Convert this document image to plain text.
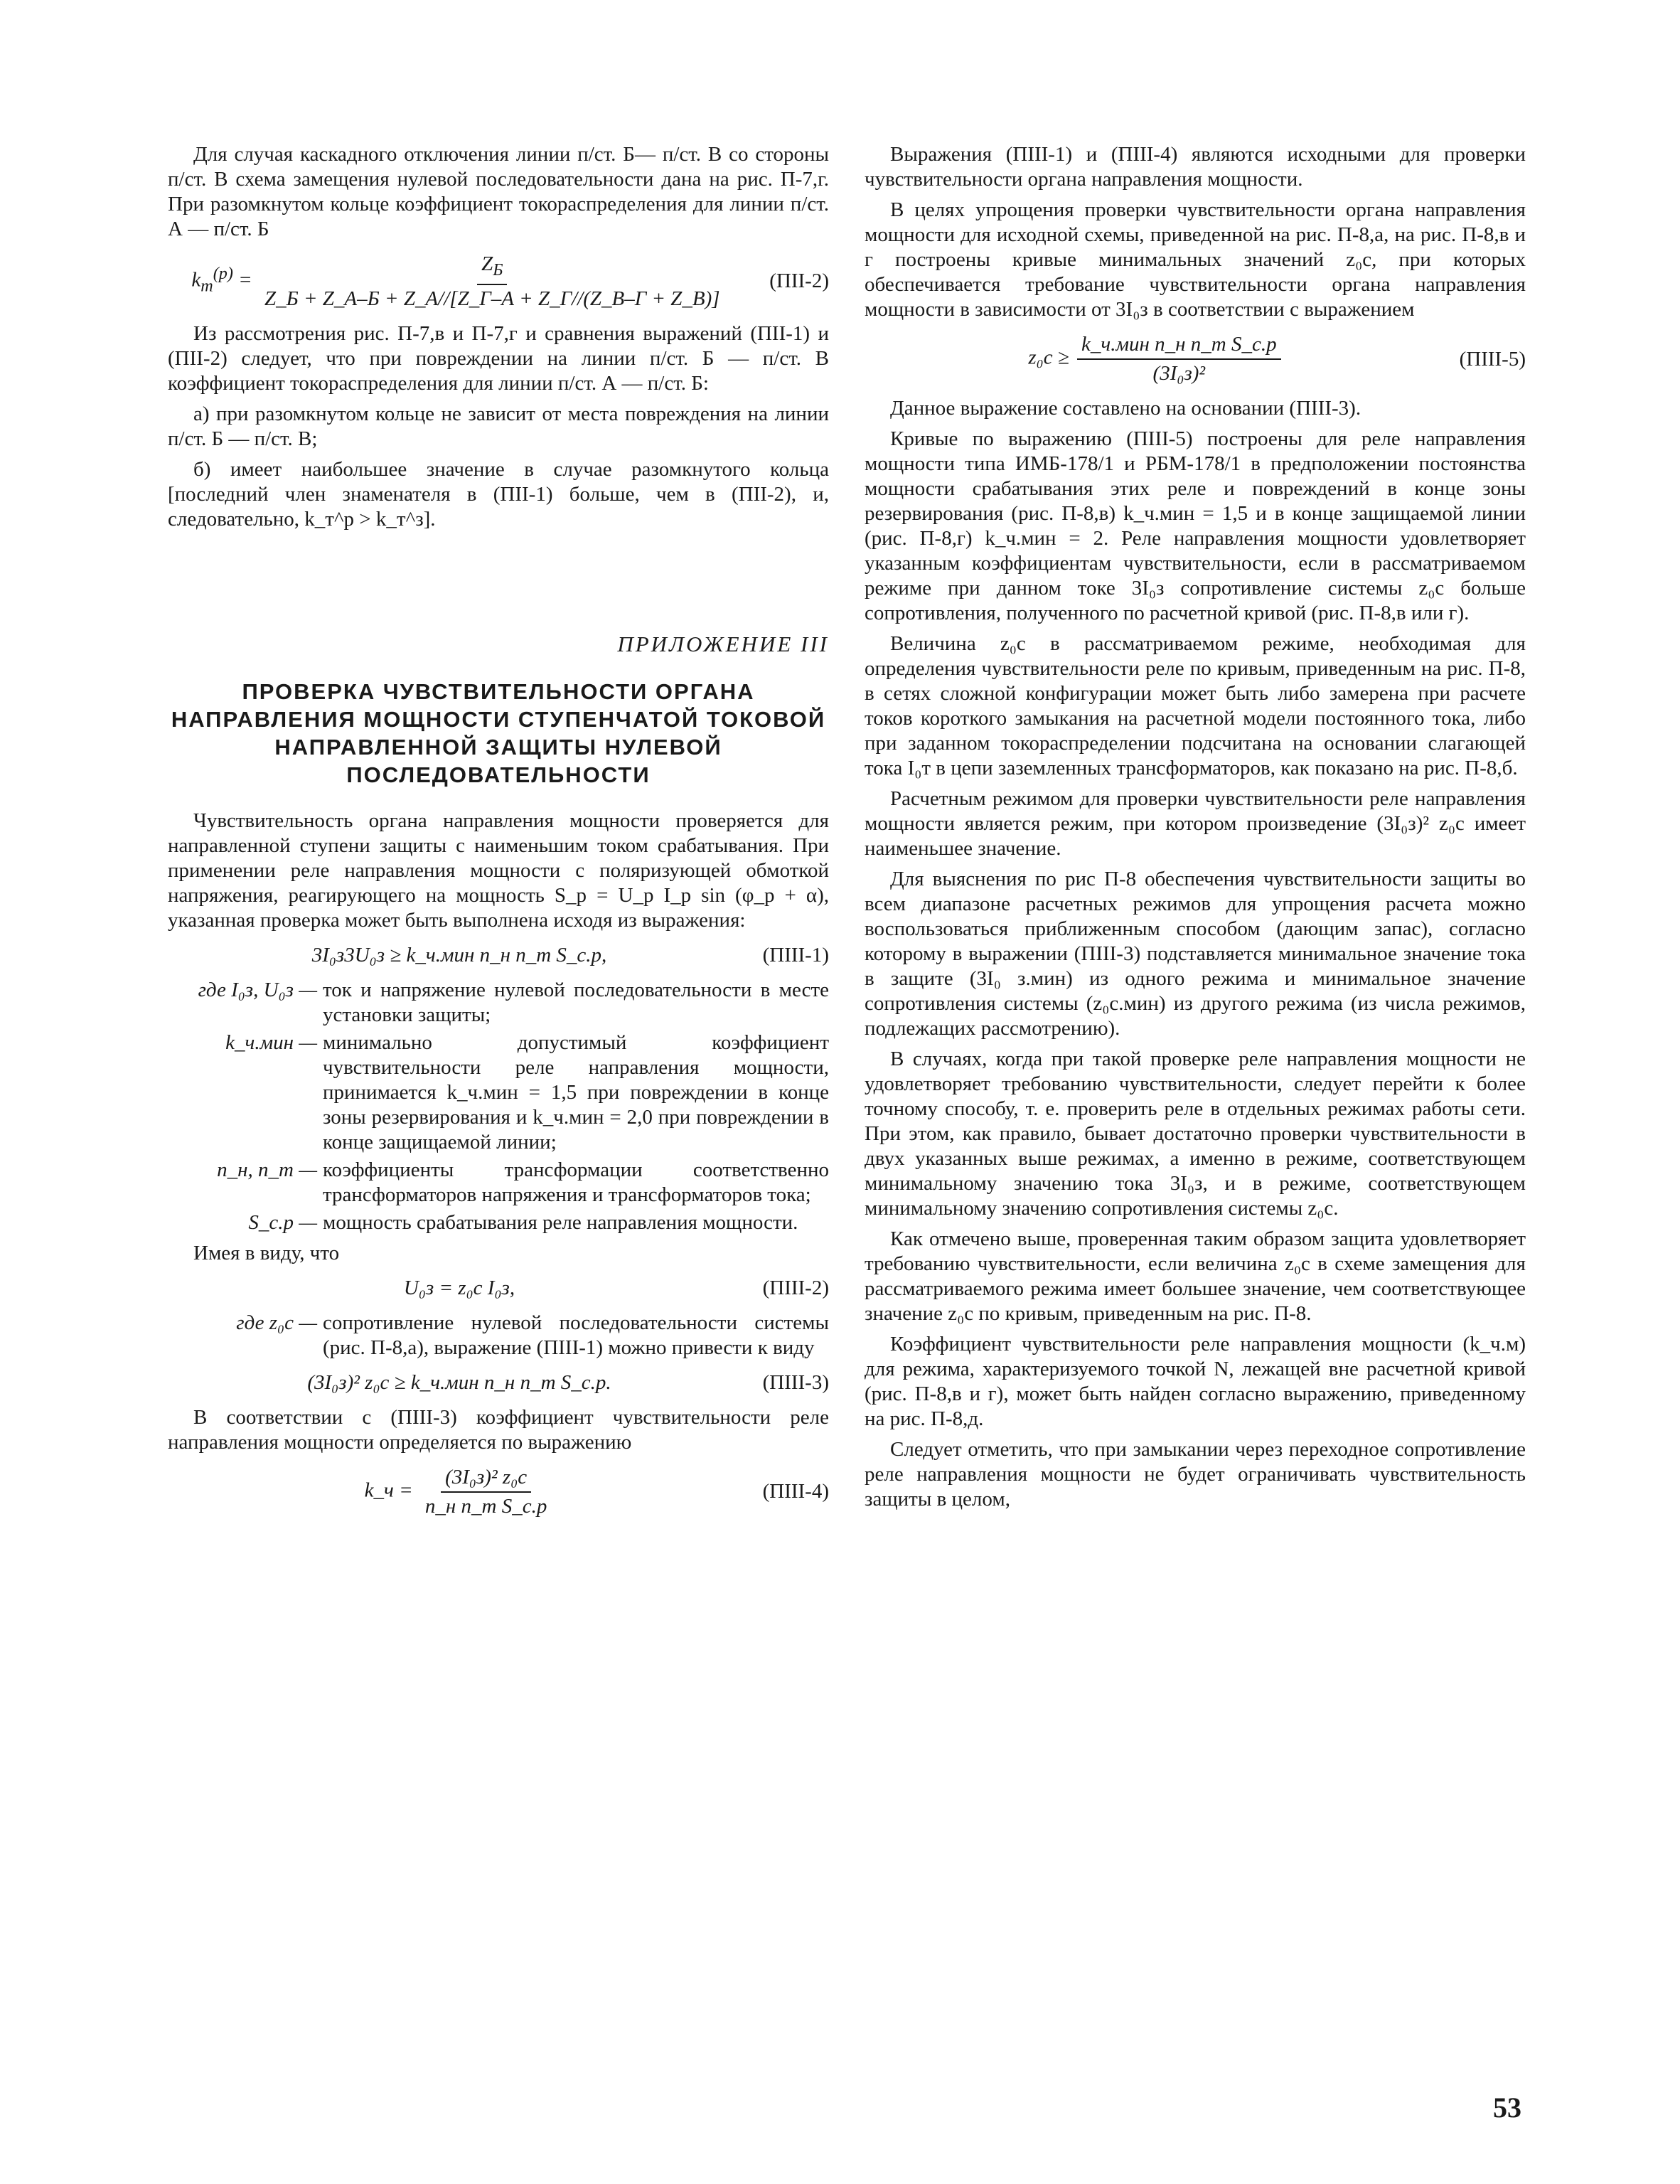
Для случая каскадного отключения линии п/ст. Б— п/ст. В со стороны п/ст. В схема замещения нулевой последовательности дана на рис. П-7,г. При разомкнутом кольце коэффициент токораспределения для линии п/ст. А — п/ст. Б

$k_т^{(р)} = \frac{Z_Б}{Z\_Б + Z\_А-Б + Z\_А//[Z\_Г-А + Z\_Г//(Z\_В-Г + Z\_В)]}$	(ПII-2)

Из рассмотрения рис. П-7,в и П-7,г и сравнения выражений (ПII-1) и (ПII-2) следует, что при повреждении на линии п/ст. Б — п/ст. В коэффициент токораспределения для линии п/ст. А — п/ст. Б:

а) при разомкнутом кольце не зависит от места повреждения на линии п/ст. Б — п/ст. В;

б) имеет наибольшее значение в случае разомкнутого кольца [последний член знаменателя в (ПII-1) больше, чем в (ПII-2), и, следовательно, k_т^р > k_т^з].

ПРИЛОЖЕНИЕ III
ПРОВЕРКА ЧУВСТВИТЕЛЬНОСТИ ОРГАНА НАПРАВЛЕНИЯ МОЩНОСТИ СТУПЕНЧАТОЙ ТОКОВОЙ НАПРАВЛЕННОЙ ЗАЩИТЫ НУЛЕВОЙ ПОСЛЕДОВАТЕЛЬНОСТИ

Чувствительность органа направления мощности проверяется для направленной ступени защиты с наименьшим током срабатывания. При применении реле направления мощности с поляризующей обмоткой напряжения, реагирующего на мощность S_р = U_р I_р sin (φ_р + α), указанная проверка может быть выполнена исходя из выражения:

3I₀з3U₀з ≥ k_ч.мин n_н n_т S_с.р,	(ПIII-1)
где I₀з, U₀з — ток и напряжение нулевой последовательности в месте установки защиты;
k_ч.мин — минимально допустимый коэффициент чувствительности реле направления мощности, принимается k_ч.мин = 1,5 при повреждении в конце зоны резервирования и k_ч.мин = 2,0 при повреждении в конце защищаемой линии;
n_н, n_т — коэффициенты трансформации соответственно трансформаторов напряжения и трансформаторов тока;
S_с.р — мощность срабатывания реле направления мощности.

Имея в виду, что

U₀з = z₀с I₀з,	(ПIII-2)
где z₀с — сопротивление нулевой последовательности системы (рис. П-8,а), выражение (ПIII-1) можно привести к виду
(3I₀з)² z₀с ≥ k_ч.мин n_н n_т S_с.р.	(ПIII-3)

В соответствии с (ПIII-3) коэффициент чувствительности реле направления мощности определяется по выражению

k_ч = $\frac{\text{(3I₀з)² z₀с}}{\text{n\_н n\_т S\_с.р}}$	(ПIII-4)

Выражения (ПIII-1) и (ПIII-4) являются исходными для проверки чувствительности органа направления мощности.

В целях упрощения проверки чувствительности органа направления мощности для исходной схемы, приведенной на рис. П-8,а, на рис. П-8,в и г построены кривые минимальных значений z₀с, при которых обеспечивается требование чувствительности органа направления мощности в зависимости от 3I₀з в соответствии с выражением

$z_0с \ge \frac{\text{k\_ч.мин n\_н n\_т S\_с.р}}{\text{(3I₀з)²}}$	(ПIII-5)

Данное выражение составлено на основании (ПIII-3).

Кривые по выражению (ПIII-5) построены для реле направления мощности типа ИМБ-178/1 и РБМ-178/1 в предположении постоянства мощности срабатывания этих реле и повреждений в конце зоны резервирования (рис. П-8,в) k_ч.мин = 1,5 и в конце защищаемой линии (рис. П-8,г) k_ч.мин = 2. Реле направления мощности удовлетворяет указанным коэффициентам чувствительности, если в рассматриваемом режиме при данном токе 3I₀з сопротивление системы z₀с больше сопротивления, полученного по расчетной кривой (рис. П-8,в или г).

Величина z₀с в рассматриваемом режиме, необходимая для определения чувствительности реле по кривым, приведенным на рис. П-8, в сетях сложной конфигурации может быть либо замерена при расчете токов короткого замыкания на расчетной модели постоянного тока, либо при заданном токораспределении подсчитана на основании слагающей тока I₀т в цепи заземленных трансформаторов, как показано на рис. П-8,б.

Расчетным режимом для проверки чувствительности реле направления мощности является режим, при котором произведение (3I₀з)² z₀с имеет наименьшее значение.

Для выяснения по рис П-8 обеспечения чувствительности защиты во всем диапазоне расчетных режимов для упрощения расчета можно воспользоваться приближенным способом (дающим запас), согласно которому в выражении (ПIII-3) подставляется минимальное значение тока в защите (3I₀ з.мин) из одного режима и минимальное значение сопротивления системы (z₀с.мин) из другого режима (из числа режимов, подлежащих рассмотрению).

В случаях, когда при такой проверке реле направления мощности не удовлетворяет требованию чувствительности, следует перейти к более точному способу, т. е. проверить реле в отдельных режимах работы сети. При этом, как правило, бывает достаточно проверки чувствительности в двух указанных выше режимах, а именно в режиме, соответствующем минимальному значению тока 3I₀з, и в режиме, соответствующем минимальному значению сопротивления системы z₀с.

Как отмечено выше, проверенная таким образом защита удовлетворяет требованию чувствительности, если величина z₀с в схеме замещения для рассматриваемого режима имеет большее значение, чем соответствующее значение z₀с по кривым, приведенным на рис. П-8.

Коэффициент чувствительности реле направления мощности (k_ч.м) для режима, характеризуемого точкой N, лежащей вне расчетной кривой (рис. П-8,в и г), может быть найден согласно выражению, приведенному на рис. П-8,д.

Следует отметить, что при замыкании через переходное сопротивление реле направления мощности не будет ограничивать чувствительность защиты в целом,

53
